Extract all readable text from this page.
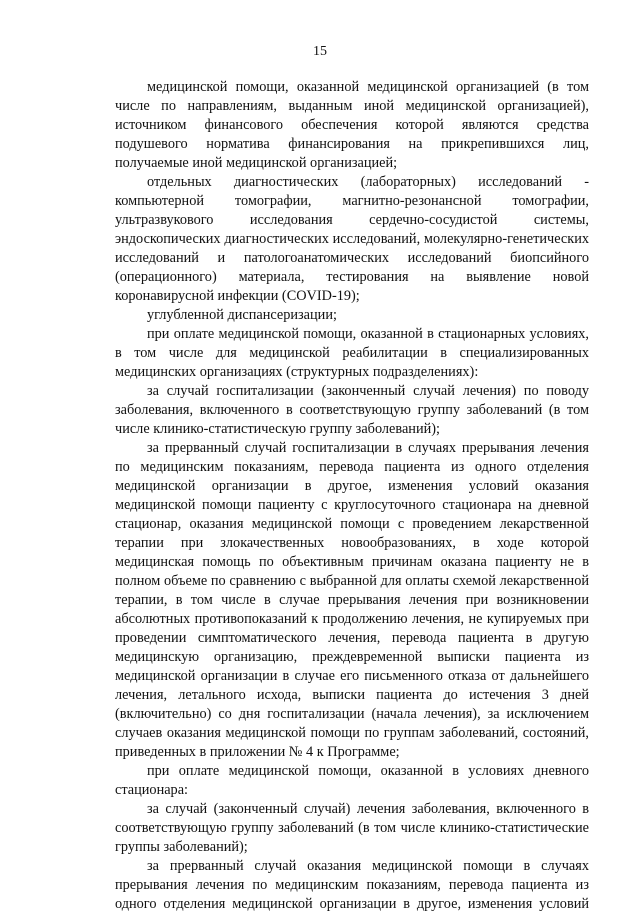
15
медицинской помощи, оказанной медицинской организацией (в том
числе по направлениям, выданным иной медицинской организацией),
источником финансового обеспечения которой являются средства
подушевого норматива финансирования на прикрепившихся лиц,
получаемые иной медицинской организацией;
отдельных диагностических (лабораторных) исследований -
компьютерной томографии, магнитно-резонансной томографии,
ультразвукового исследования сердечно-сосудистой системы,
эндоскопических диагностических исследований, молекулярно-генетических
исследований и патологоанатомических исследований биопсийного
(операционного) материала, тестирования на выявление новой
коронавирусной инфекции (COVID-19);
углубленной диспансеризации;
при оплате медицинской помощи, оказанной в стационарных условиях,
в том числе для медицинской реабилитации в специализированных
медицинских организациях (структурных подразделениях):
за случай госпитализации (законченный случай лечения) по поводу
заболевания, включенного в соответствующую группу заболеваний (в том
числе клинико-статистическую группу заболеваний);
за прерванный случай госпитализации в случаях прерывания лечения
по медицинским показаниям, перевода пациента из одного отделения
медицинской организации в другое, изменения условий оказания
медицинской помощи пациенту с круглосуточного стационара на дневной
стационар, оказания медицинской помощи с проведением лекарственной
терапии при злокачественных новообразованиях, в ходе которой
медицинская помощь по объективным причинам оказана пациенту не в
полном объеме по сравнению с выбранной для оплаты схемой лекарственной
терапии, в том числе в случае прерывания лечения при возникновении
абсолютных противопоказаний к продолжению лечения, не купируемых при
проведении симптоматического лечения, перевода пациента в другую
медицинскую организацию, преждевременной выписки пациента из
медицинской организации в случае его письменного отказа от дальнейшего
лечения, летального исхода, выписки пациента до истечения 3 дней
(включительно) со дня госпитализации (начала лечения), за исключением
случаев оказания медицинской помощи по группам заболеваний, состояний,
приведенных в приложении № 4 к Программе;
при оплате медицинской помощи, оказанной в условиях дневного
стационара:
за случай (законченный случай) лечения заболевания, включенного в
соответствующую группу заболеваний (в том числе клинико-статистические
группы заболеваний);
за прерванный случай оказания медицинской помощи в случаях
прерывания лечения по медицинским показаниям, перевода пациента из
одного отделения медицинской организации в другое, изменения условий
